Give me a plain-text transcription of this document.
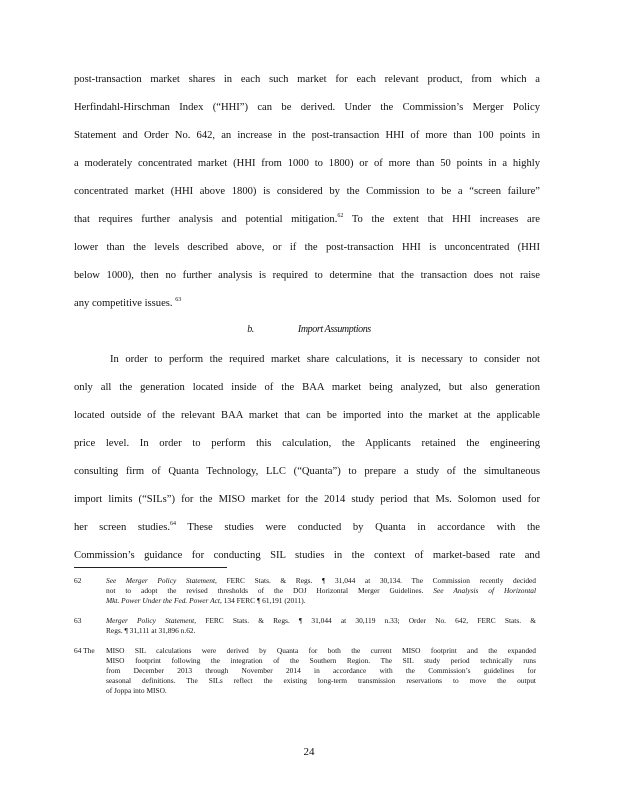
post-transaction market shares in each such market for each relevant product, from which a
Herfindahl-Hirschman Index (“HHI”) can be derived. Under the Commission’s Merger Policy
Statement and Order No. 642, an increase in the post-transaction HHI of more than 100 points in
a moderately concentrated market (HHI from 1000 to 1800) or of more than 50 points in a highly
concentrated market (HHI above 1800) is considered by the Commission to be a “screen failure”
that requires further analysis and potential mitigation.$^{62}$ To the extent that HHI increases are
lower than the levels described above, or if the post-transaction HHI is unconcentrated (HHI
below 1000), then no further analysis is required to determine that the transaction does not raise
any competitive issues. $^{63}$
b.	Import Assumptions
In order to perform the required market share calculations, it is necessary to consider not
only all the generation located inside of the BAA market being analyzed, but also generation
located outside of the relevant BAA market that can be imported into the market at the applicable
price level. In order to perform this calculation, the Applicants retained the engineering
consulting firm of Quanta Technology, LLC (“Quanta”) to prepare a study of the simultaneous
import limits (“SILs”) for the MISO market for the 2014 study period that Ms. Solomon used for
her screen studies.$^{64}$ These studies were conducted by Quanta in accordance with the
Commission’s guidance for conducting SIL studies in the context of market-based rate and
62	See Merger Policy Statement, FERC Stats. & Regs. ¶ 31,044 at 30,134. The Commission recently decided
not to adopt the revised thresholds of the DOJ Horizontal Merger Guidelines. See Analysis of Horizontal
Mkt. Power Under the Fed. Power Act, 134 FERC ¶ 61,191 (2011).
63	Merger Policy Statement, FERC Stats. & Regs. ¶ 31,044 at 30,119 n.33; Order No. 642, FERC Stats. &
Regs. ¶ 31,111 at 31,896 n.62.
64 The MISO SIL calculations were derived by Quanta for both the current MISO footprint and the expanded
MISO footprint following the integration of the Southern Region. The SIL study period technically runs
from December 2013 through November 2014 in accordance with the Commission’s guidelines for
seasonal definitions. The SILs reflect the existing long-term transmission reservations to move the output
of Joppa into MISO.
24
